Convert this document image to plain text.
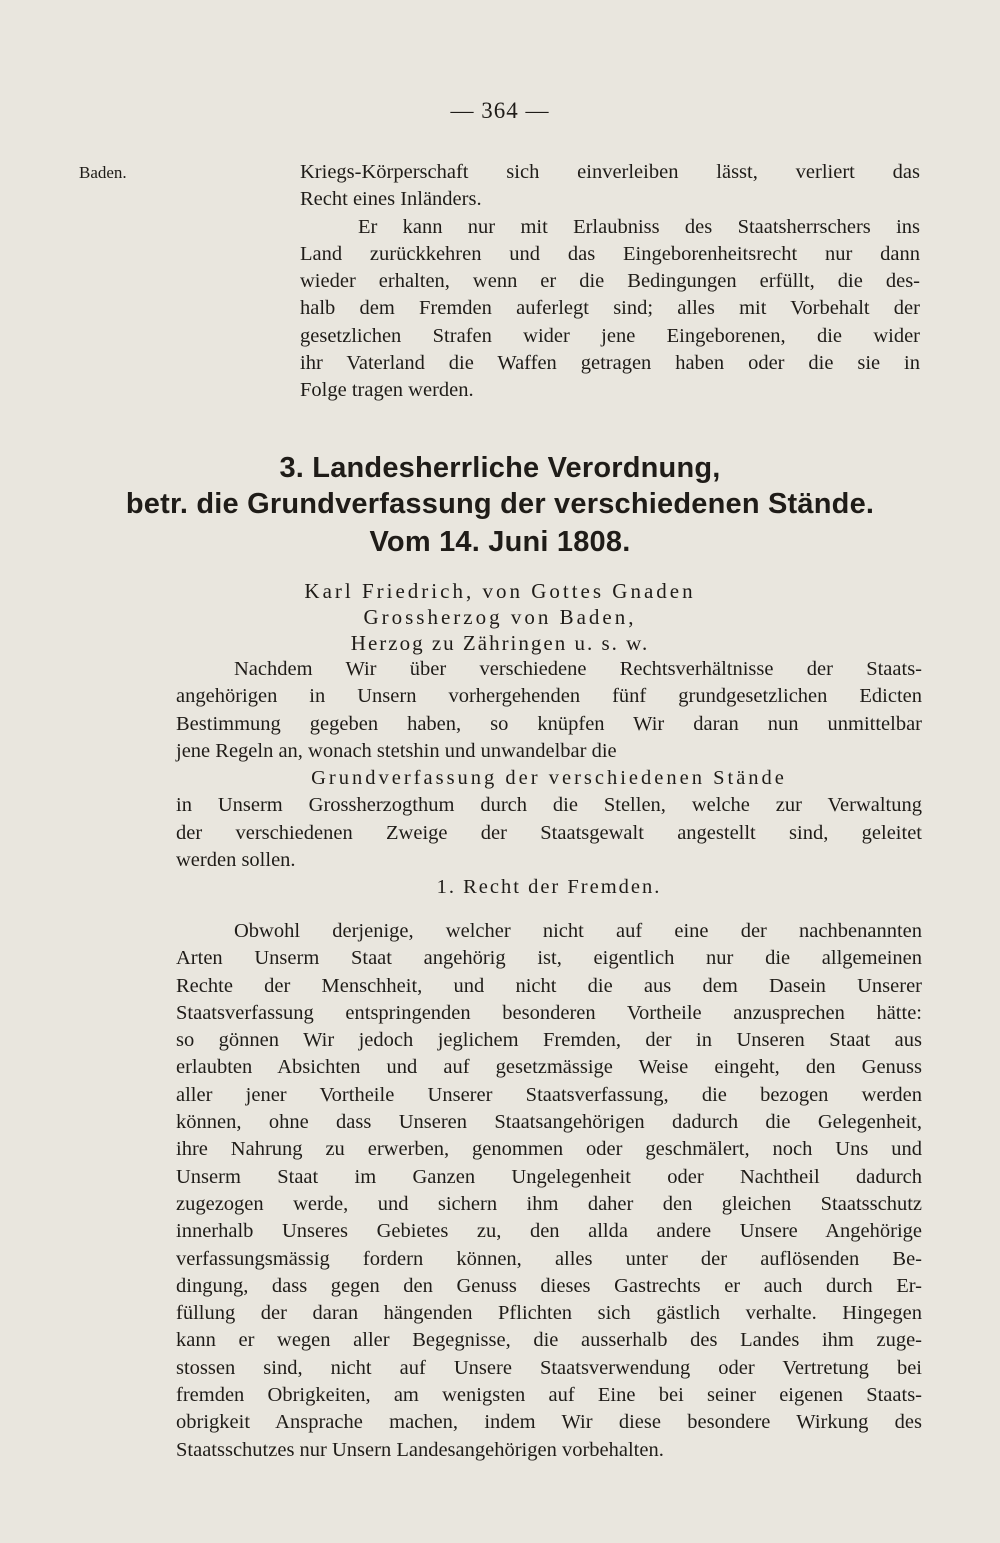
— 364 —
Baden.	Kriegs-Körperschaft sich einverleiben lässt, verliert das
Recht eines Inländers.
Er kann nur mit Erlaubniss des Staatsherrschers ins
Land zurückkehren und das Eingeborenheitsrecht nur dann
wieder erhalten, wenn er die Bedingungen erfüllt, die des-
halb dem Fremden auferlegt sind; alles mit Vorbehalt der
gesetzlichen Strafen wider jene Eingeborenen, die wider
ihr Vaterland die Waffen getragen haben oder die sie in
Folge tragen werden.
3. Landesherrliche Verordnung,
betr. die Grundverfassung der verschiedenen Stände.
Vom 14. Juni 1808.
Karl Friedrich, von Gottes Gnaden
Grossherzog von Baden,
Herzog zu Zähringen u. s. w.
Nachdem Wir über verschiedene Rechtsverhältnisse der Staats-
angehörigen in Unsern vorhergehenden fünf grundgesetzlichen Edicten
Bestimmung gegeben haben, so knüpfen Wir daran nun unmittelbar
jene Regeln an, wonach stetshin und unwandelbar die
Grundverfassung der verschiedenen Stände
in Unserm Grossherzogthum durch die Stellen, welche zur Verwaltung
der verschiedenen Zweige der Staatsgewalt angestellt sind, geleitet
werden sollen.
1. Recht der Fremden.
Obwohl derjenige, welcher nicht auf eine der nachbenannten
Arten Unserm Staat angehörig ist, eigentlich nur die allgemeinen
Rechte der Menschheit, und nicht die aus dem Dasein Unserer
Staatsverfassung entspringenden besonderen Vortheile anzusprechen hätte:
so gönnen Wir jedoch jeglichem Fremden, der in Unseren Staat aus
erlaubten Absichten und auf gesetzmässige Weise eingeht, den Genuss
aller jener Vortheile Unserer Staatsverfassung, die bezogen werden
können, ohne dass Unseren Staatsangehörigen dadurch die Gelegenheit,
ihre Nahrung zu erwerben, genommen oder geschmälert, noch Uns und
Unserm Staat im Ganzen Ungelegenheit oder Nachtheil dadurch
zugezogen werde, und sichern ihm daher den gleichen Staatsschutz
innerhalb Unseres Gebietes zu, den allda andere Unsere Angehörige
verfassungsmässig fordern können, alles unter der auflösenden Be-
dingung, dass gegen den Genuss dieses Gastrechts er auch durch Er-
füllung der daran hängenden Pflichten sich gästlich verhalte. Hingegen
kann er wegen aller Begegnisse, die ausserhalb des Landes ihm zuge-
stossen sind, nicht auf Unsere Staatsverwendung oder Vertretung bei
fremden Obrigkeiten, am wenigsten auf Eine bei seiner eigenen Staats-
obrigkeit Ansprache machen, indem Wir diese besondere Wirkung des
Staatsschutzes nur Unsern Landesangehörigen vorbehalten.
